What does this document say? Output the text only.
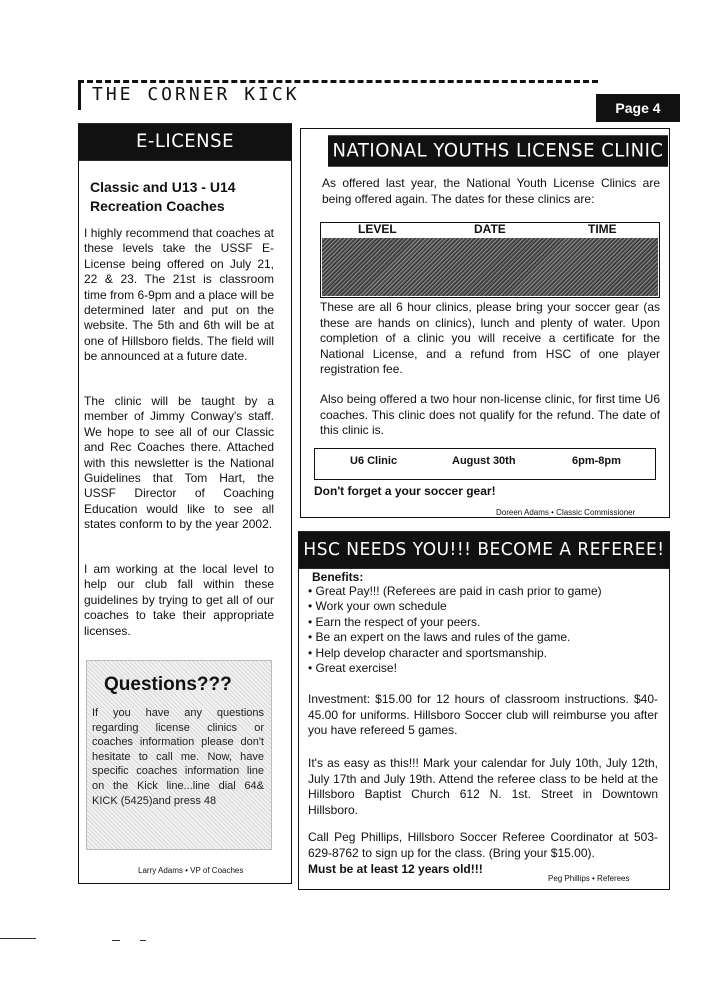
THE CORNER KICK
Page 4
E-LICENSE
Classic and U13 - U14 Recreation Coaches
I highly recommend that coaches at these levels take the USSF E-License being offered on July 21, 22 & 23. The 21st is classroom time from 6-9pm and a place will be determined later and put on the website. The 5th and 6th will be at one of Hillsboro fields. The field will be announced at a future date.
The clinic will be taught by a member of Jimmy Conway's staff. We hope to see all of our Classic and Rec Coaches there. Attached with this newsletter is the National Guidelines that Tom Hart, the USSF Director of Coaching Education would like to see all states conform to by the year 2002.
I am working at the local level to help our club fall within these guidelines by trying to get all of our coaches to take their appropriate licenses.
Questions???
If you have any questions regarding license clinics or coaches information please don't hesitate to call me. Now, have specific coaches information line on the Kick line...line dial 64& KICK (5425)and press 48
Larry Adams • VP of Coaches
NATIONAL YOUTHS LICENSE CLINIC
As offered last year, the National Youth License Clinics are being offered again. The dates for these clinics are:
LEVEL	DATE	TIME
These are all 6 hour clinics, please bring your soccer gear (as these are hands on clinics), lunch and plenty of water. Upon completion of a clinic you will receive a certificate for the National License, and a refund from HSC of one player registration fee.
Also being offered a two hour non-license clinic, for first time U6 coaches. This clinic does not qualify for the refund. The date of this clinic is.
U6 Clinic	August 30th	6pm-8pm
Don't forget a your soccer gear!
Doreen Adams • Classic Commissioner
HSC NEEDS YOU!!! BECOME A REFEREE!
Benefits:
• Great Pay!!! (Referees are paid in cash prior to game)
• Work your own schedule
• Earn the respect of your peers.
• Be an expert on the laws and rules of the game.
• Help develop character and sportsmanship.
• Great exercise!
Investment: $15.00 for 12 hours of classroom instructions. $40-45.00 for uniforms. Hillsboro Soccer club will reimburse you after you have refereed 5 games.
It's as easy as this!!! Mark your calendar for July 10th, July 12th, July 17th and July 19th. Attend the referee class to be held at the Hillsboro Baptist Church 612 N. 1st. Street in Downtown Hillsboro.
Call Peg Phillips, Hillsboro Soccer Referee Coordinator at 503-629-8762 to sign up for the class. (Bring your $15.00).
Must be at least 12 years old!!!
Peg Phillips • Referees
